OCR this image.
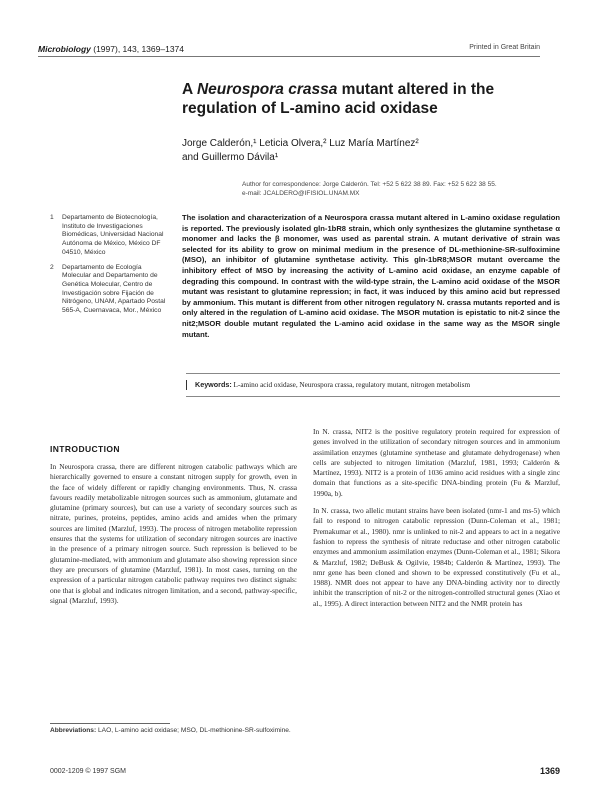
Microbiology (1997), 143, 1369–1374	Printed in Great Britain
A Neurospora crassa mutant altered in the regulation of L-amino acid oxidase
Jorge Calderón,¹ Leticia Olvera,² Luz María Martínez²
and Guillermo Dávila¹
Author for correspondence: Jorge Calderón. Tel: +52 5 622 38 89. Fax: +52 5 622 38 55.
e-mail: JCALDERO@IFISIOL.UNAM.MX
1	Departamento de Biotecnología, Instituto de Investigaciones Biomédicas, Universidad Nacional Autónoma de México, México DF 04510, México
2	Departamento de Ecología Molecular and Departamento de Genética Molecular, Centro de Investigación sobre Fijación de Nitrógeno, UNAM, Apartado Postal 565-A, Cuernavaca, Mor., México
The isolation and characterization of a Neurospora crassa mutant altered in L-amino oxidase regulation is reported. The previously isolated gln-1bR8 strain, which only synthesizes the glutamine synthetase α monomer and lacks the β monomer, was used as parental strain. A mutant derivative of strain was selected for its ability to grow on minimal medium in the presence of DL-methionine-SR-sulfoximine (MSO), an inhibitor of glutamine synthetase activity. This gln-1bR8;MSOR mutant overcame the inhibitory effect of MSO by increasing the activity of L-amino acid oxidase, an enzyme capable of degrading this compound. In contrast with the wild-type strain, the L-amino acid oxidase of the MSOR mutant was resistant to glutamine repression; in fact, it was induced by this amino acid but repressed by ammonium. This mutant is different from other nitrogen regulatory N. crassa mutants reported and is only altered in the regulation of L-amino acid oxidase. The MSOR mutation is epistatic to nit-2 since the nit2;MSOR double mutant regulated the L-amino acid oxidase in the same way as the MSOR single mutant.
Keywords: L-amino acid oxidase, Neurospora crassa, regulatory mutant, nitrogen metabolism
INTRODUCTION

In Neurospora crassa, there are different nitrogen catabolic pathways which are hierarchically governed to ensure a constant nitrogen supply for growth, even in the face of widely different or rapidly changing environments. Thus, N. crassa favours readily metabolizable nitrogen sources such as ammonium, glutamate and glutamine (primary sources), but can use a variety of secondary sources such as nitrate, purines, proteins, peptides, amino acids and amides when the primary sources are limited (Marzluf, 1993). The process of nitrogen metabolite repression ensures that the systems for utilization of secondary nitrogen sources are inactive in the presence of a primary nitrogen source. Such repression is believed to be glutamine-mediated, with ammonium and glutamate also showing repression since they are precursors of glutamine (Marzluf, 1981). In most cases, turning on the expression of a particular nitrogen catabolic pathway requires two distinct signals: one that is global and indicates nitrogen limitation, and a second, pathway-specific, signal (Marzluf, 1993).

In N. crassa, NIT2 is the positive regulatory protein required for expression of genes involved in the utilization of secondary nitrogen sources and in ammonium assimilation enzymes (glutamine synthetase and glutamate dehydrogenase) when cells are subjected to nitrogen limitation (Marzluf, 1981, 1993; Calderón & Martínez, 1993). NIT2 is a protein of 1036 amino acid residues with a single zinc domain that functions as a site-specific DNA-binding protein (Fu & Marzluf, 1990a, b).

In N. crassa, two allelic mutant strains have been isolated (nmr-1 and ms-5) which fail to respond to nitrogen catabolic repression (Dunn-Coleman et al., 1981; Premakumar et al., 1980). nmr is unlinked to nit-2 and appears to act in a negative fashion to repress the synthesis of nitrate reductase and other nitrogen catabolic enzymes and ammonium assimilation enzymes (Dunn-Coleman et al., 1981; Sikora & Marzluf, 1982; DeBusk & Ogilvie, 1984b; Calderón & Martínez, 1993). The nmr gene has been cloned and shown to be expressed constitutively (Fu et al., 1988). NMR does not appear to have any DNA-binding activity nor to directly inhibit the transcription of nit-2 or the nitrogen-controlled structural genes (Xiao et al., 1995). A direct interaction between NIT2 and the NMR protein has

Abbreviations: LAO, L-amino acid oxidase; MSO, DL-methionine-SR-sulfoximine.
0002-1209 © 1997 SGM	1369
